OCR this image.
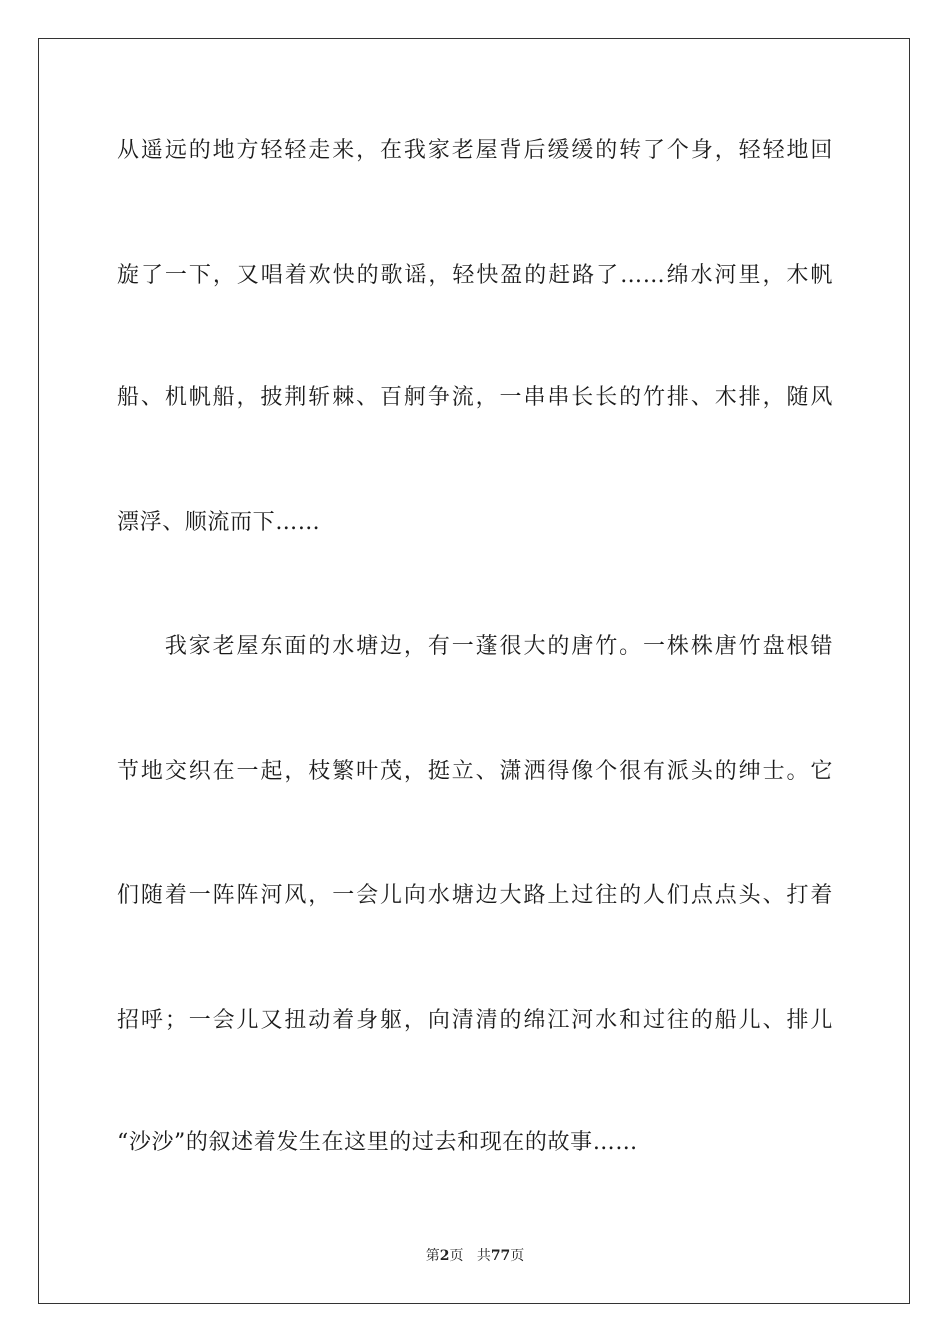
从遥远的地方轻轻走来，在我家老屋背后缓缓的转了个身，轻轻地回
旋了一下，又唱着欢快的歌谣，轻快盈的赶路了……绵水河里，木帆
船、机帆船，披荆斩棘、百舸争流，一串串长长的竹排、木排，随风
漂浮、顺流而下……
　　我家老屋东面的水塘边，有一蓬很大的唐竹。一株株唐竹盘根错
节地交织在一起，枝繁叶茂，挺立、潇洒得像个很有派头的绅士。它
们随着一阵阵河风，一会儿向水塘边大路上过往的人们点点头、打着
招呼；一会儿又扭动着身躯，向清清的绵江河水和过往的船儿、排儿
“沙沙”的叙述着发生在这里的过去和现在的故事……
第2页 共77页
